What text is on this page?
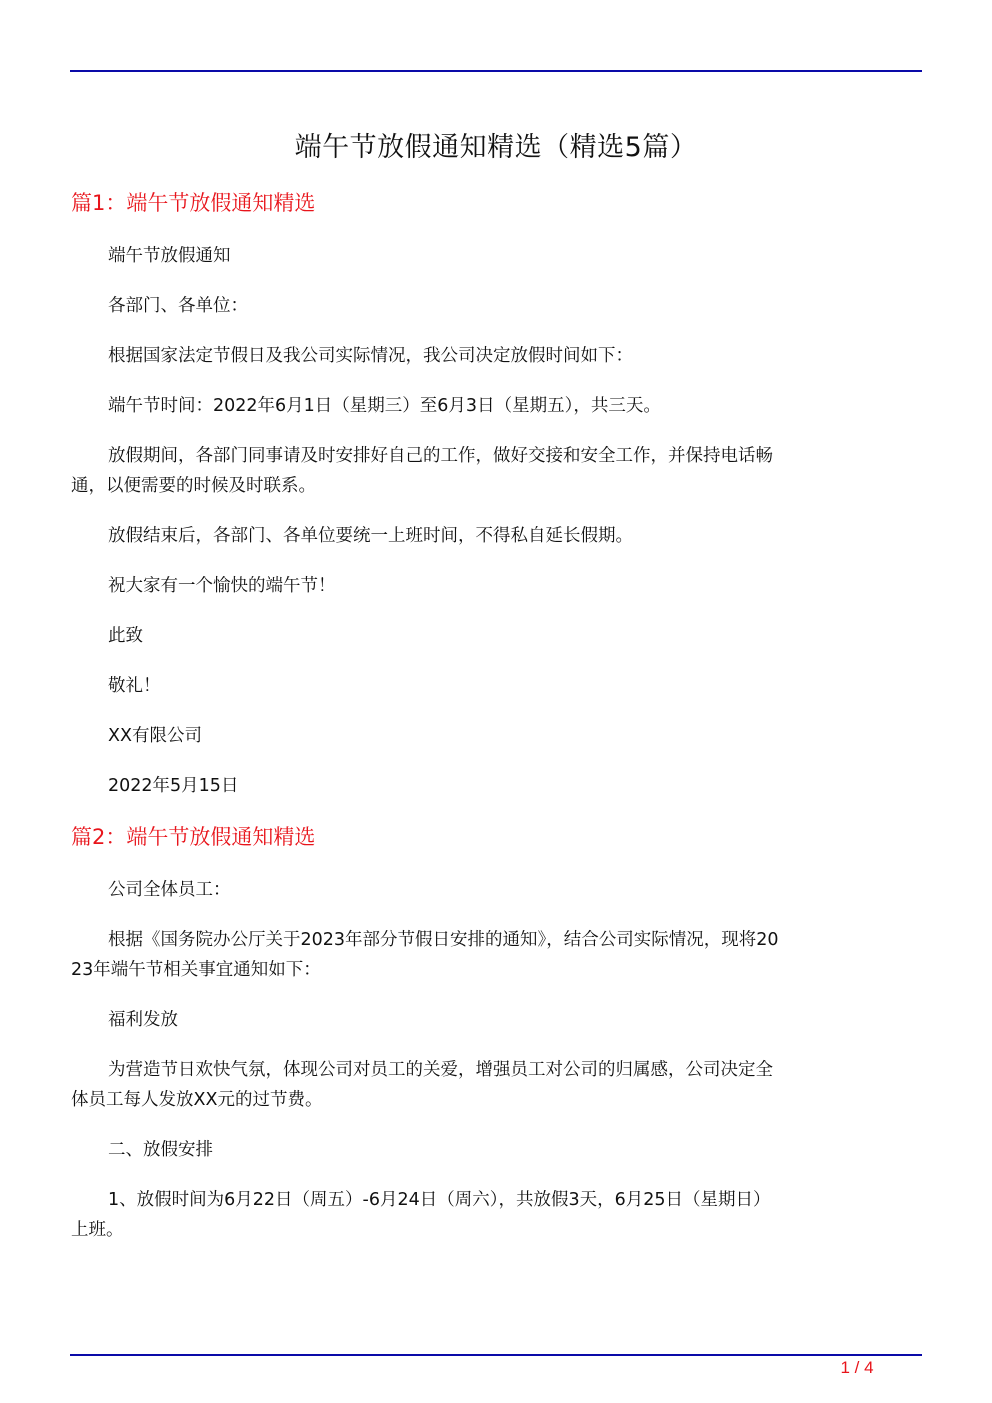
端午节放假通知精选（精选5篇）
篇1：端午节放假通知精选
端午节放假通知
各部门、各单位：
根据国家法定节假日及我公司实际情况，我公司决定放假时间如下：
端午节时间：2022年6月1日（星期三）至6月3日（星期五），共三天。
放假期间，各部门同事请及时安排好自己的工作，做好交接和安全工作，并保持电话畅通，以便需要的时候及时联系。
放假结束后，各部门、各单位要统一上班时间，不得私自延长假期。
祝大家有一个愉快的端午节！
此致
敬礼！
XX有限公司
2022年5月15日
篇2：端午节放假通知精选
公司全体员工：
根据《国务院办公厅关于2023年部分节假日安排的通知》，结合公司实际情况，现将2023年端午节相关事宜通知如下：
福利发放
为营造节日欢快气氛，体现公司对员工的关爱，增强员工对公司的归属感，公司决定全体员工每人发放XX元的过节费。
二、放假安排
1、放假时间为6月22日（周五）-6月24日（周六），共放假3天，6月25日（星期日）上班。
1 / 4
